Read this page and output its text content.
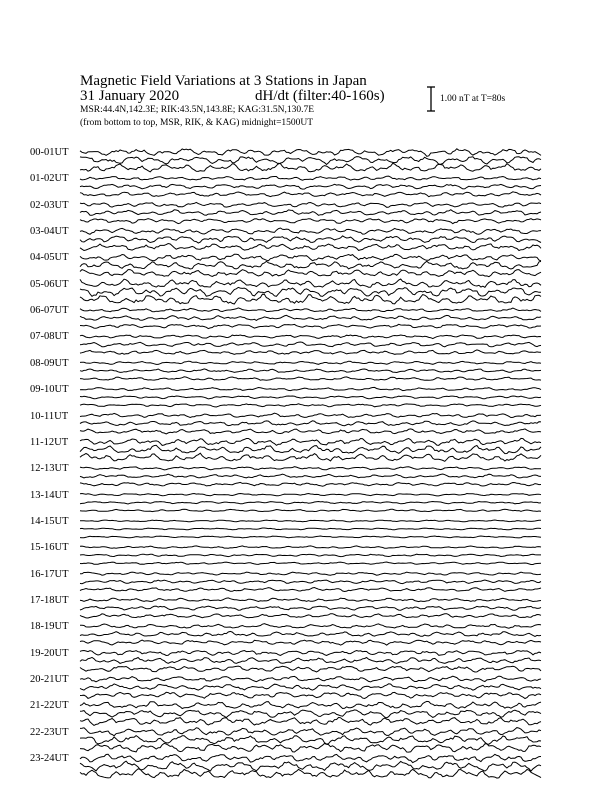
Magnetic Field Variations at 3 Stations in Japan
31 January 2020	dH/dt (filter:40-160s)
MSR:44.4N,142.3E; RIK:43.5N,143.8E; KAG:31.5N,130.7E
(from bottom to top, MSR, RIK, & KAG) midnight=1500UT
1.00 nT at T=80s
00-01UT
01-02UT
02-03UT
03-04UT
04-05UT
05-06UT
06-07UT
07-08UT
08-09UT
09-10UT
10-11UT
11-12UT
12-13UT
13-14UT
14-15UT
15-16UT
16-17UT
17-18UT
18-19UT
19-20UT
20-21UT
21-22UT
22-23UT
23-24UT
